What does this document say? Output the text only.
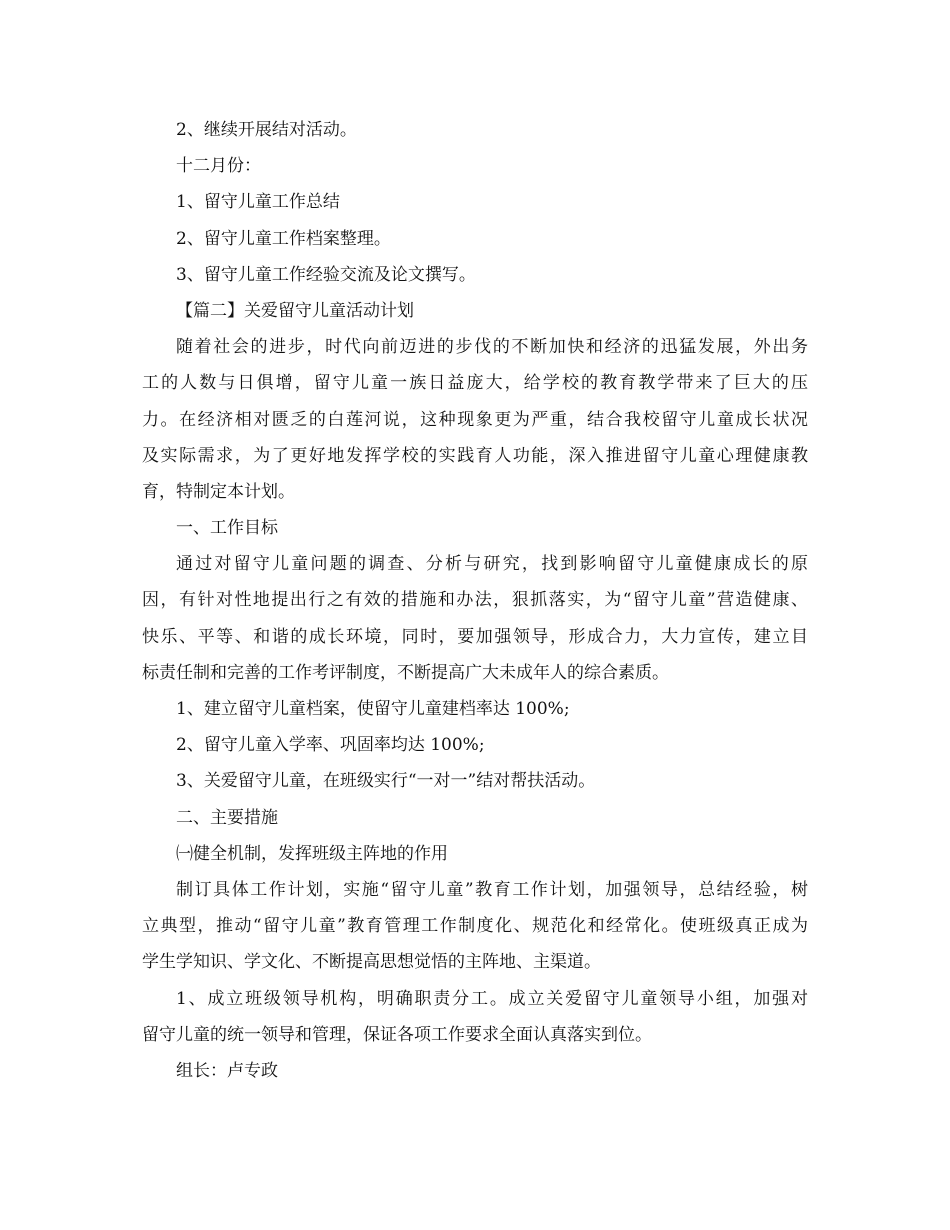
2、继续开展结对活动。

十二月份：

1、留守儿童工作总结

2、留守儿童工作档案整理。

3、留守儿童工作经验交流及论文撰写。

【篇二】关爱留守儿童活动计划

随着社会的进步，时代向前迈进的步伐的不断加快和经济的迅猛发展，外出务

工的人数与日俱增，留守儿童一族日益庞大，给学校的教育教学带来了巨大的压

力。在经济相对匮乏的白莲河说，这种现象更为严重，结合我校留守儿童成长状况

及实际需求，为了更好地发挥学校的实践育人功能，深入推进留守儿童心理健康教

育，特制定本计划。

一、工作目标

通过对留守儿童问题的调查、分析与研究，找到影响留守儿童健康成长的原

因，有针对性地提出行之有效的措施和办法，狠抓落实，为“留守儿童”营造健康、

快乐、平等、和谐的成长环境，同时，要加强领导，形成合力，大力宣传，建立目

标责任制和完善的工作考评制度，不断提高广大未成年人的综合素质。

1、建立留守儿童档案，使留守儿童建档率达 100%;

2、留守儿童入学率、巩固率均达 100%;

3、关爱留守儿童，在班级实行“一对一”结对帮扶活动。

二、主要措施

㈠健全机制，发挥班级主阵地的作用

制订具体工作计划，实施“留守儿童”教育工作计划，加强领导，总结经验，树

立典型，推动“留守儿童”教育管理工作制度化、规范化和经常化。使班级真正成为

学生学知识、学文化、不断提高思想觉悟的主阵地、主渠道。

1、成立班级领导机构，明确职责分工。成立关爱留守儿童领导小组，加强对

留守儿童的统一领导和管理，保证各项工作要求全面认真落实到位。

组长：卢专政
